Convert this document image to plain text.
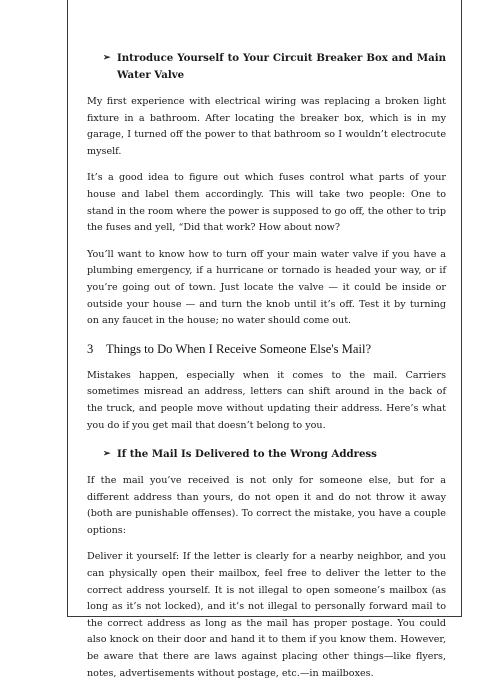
➢ Introduce Yourself to Your Circuit Breaker Box and Main Water Valve

My first experience with electrical wiring was replacing a broken light fixture in a bathroom. After locating the breaker box, which is in my garage, I turned off the power to that bathroom so I wouldn’t electrocute myself.

It’s a good idea to figure out which fuses control what parts of your house and label them accordingly. This will take two people: One to stand in the room where the power is supposed to go off, the other to trip the fuses and yell, “Did that work? How about now?

You’ll want to know how to turn off your main water valve if you have a plumbing emergency, if a hurricane or tornado is headed your way, or if you’re going out of town. Just locate the valve — it could be inside or outside your house — and turn the knob until it’s off. Test it by turning on any faucet in the house; no water should come out.

3	Things to Do When I Receive Someone Else's Mail?

Mistakes happen, especially when it comes to the mail. Carriers sometimes misread an address, letters can shift around in the back of the truck, and people move without updating their address. Here’s what you do if you get mail that doesn’t belong to you.

➢ If the Mail Is Delivered to the Wrong Address

If the mail you’ve received is not only for someone else, but for a different address than yours, do not open it and do not throw it away (both are punishable offenses). To correct the mistake, you have a couple options:

Deliver it yourself: If the letter is clearly for a nearby neighbor, and you can physically open their mailbox, feel free to deliver the letter to the correct address yourself. It is not illegal to open someone’s mailbox (as long as it’s not locked), and it’s not illegal to personally forward mail to the correct address as long as the mail has proper postage. You could also knock on their door and hand it to them if you know them. However, be aware that there are laws against placing other things—like flyers, notes, advertisements without postage, etc.—in mailboxes.
